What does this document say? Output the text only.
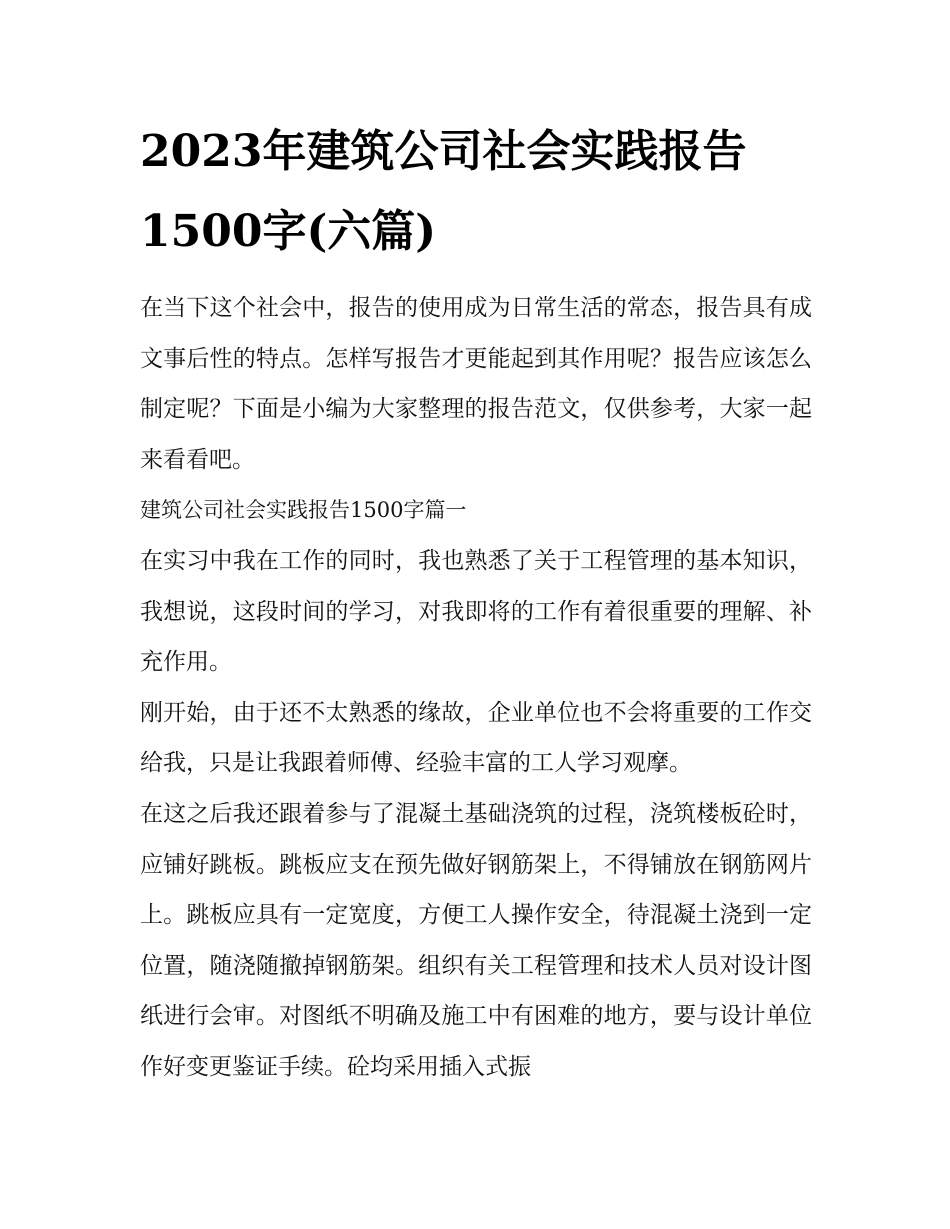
2023年建筑公司社会实践报告1500字(六篇)

在当下这个社会中，报告的使用成为日常生活的常态，报告具有成文事后性的特点。怎样写报告才更能起到其作用呢？报告应该怎么制定呢？下面是小编为大家整理的报告范文，仅供参考，大家一起来看看吧。

建筑公司社会实践报告1500字篇一

在实习中我在工作的同时，我也熟悉了关于工程管理的基本知识，我想说，这段时间的学习，对我即将的工作有着很重要的理解、补充作用。

刚开始，由于还不太熟悉的缘故，企业单位也不会将重要的工作交给我，只是让我跟着师傅、经验丰富的工人学习观摩。

在这之后我还跟着参与了混凝土基础浇筑的过程，浇筑楼板砼时，应铺好跳板。跳板应支在预先做好钢筋架上，不得铺放在钢筋网片上。跳板应具有一定宽度，方便工人操作安全，待混凝土浇到一定位置，随浇随撤掉钢筋架。组织有关工程管理和技术人员对设计图纸进行会审。对图纸不明确及施工中有困难的地方，要与设计单位作好变更鉴证手续。砼均采用插入式振
